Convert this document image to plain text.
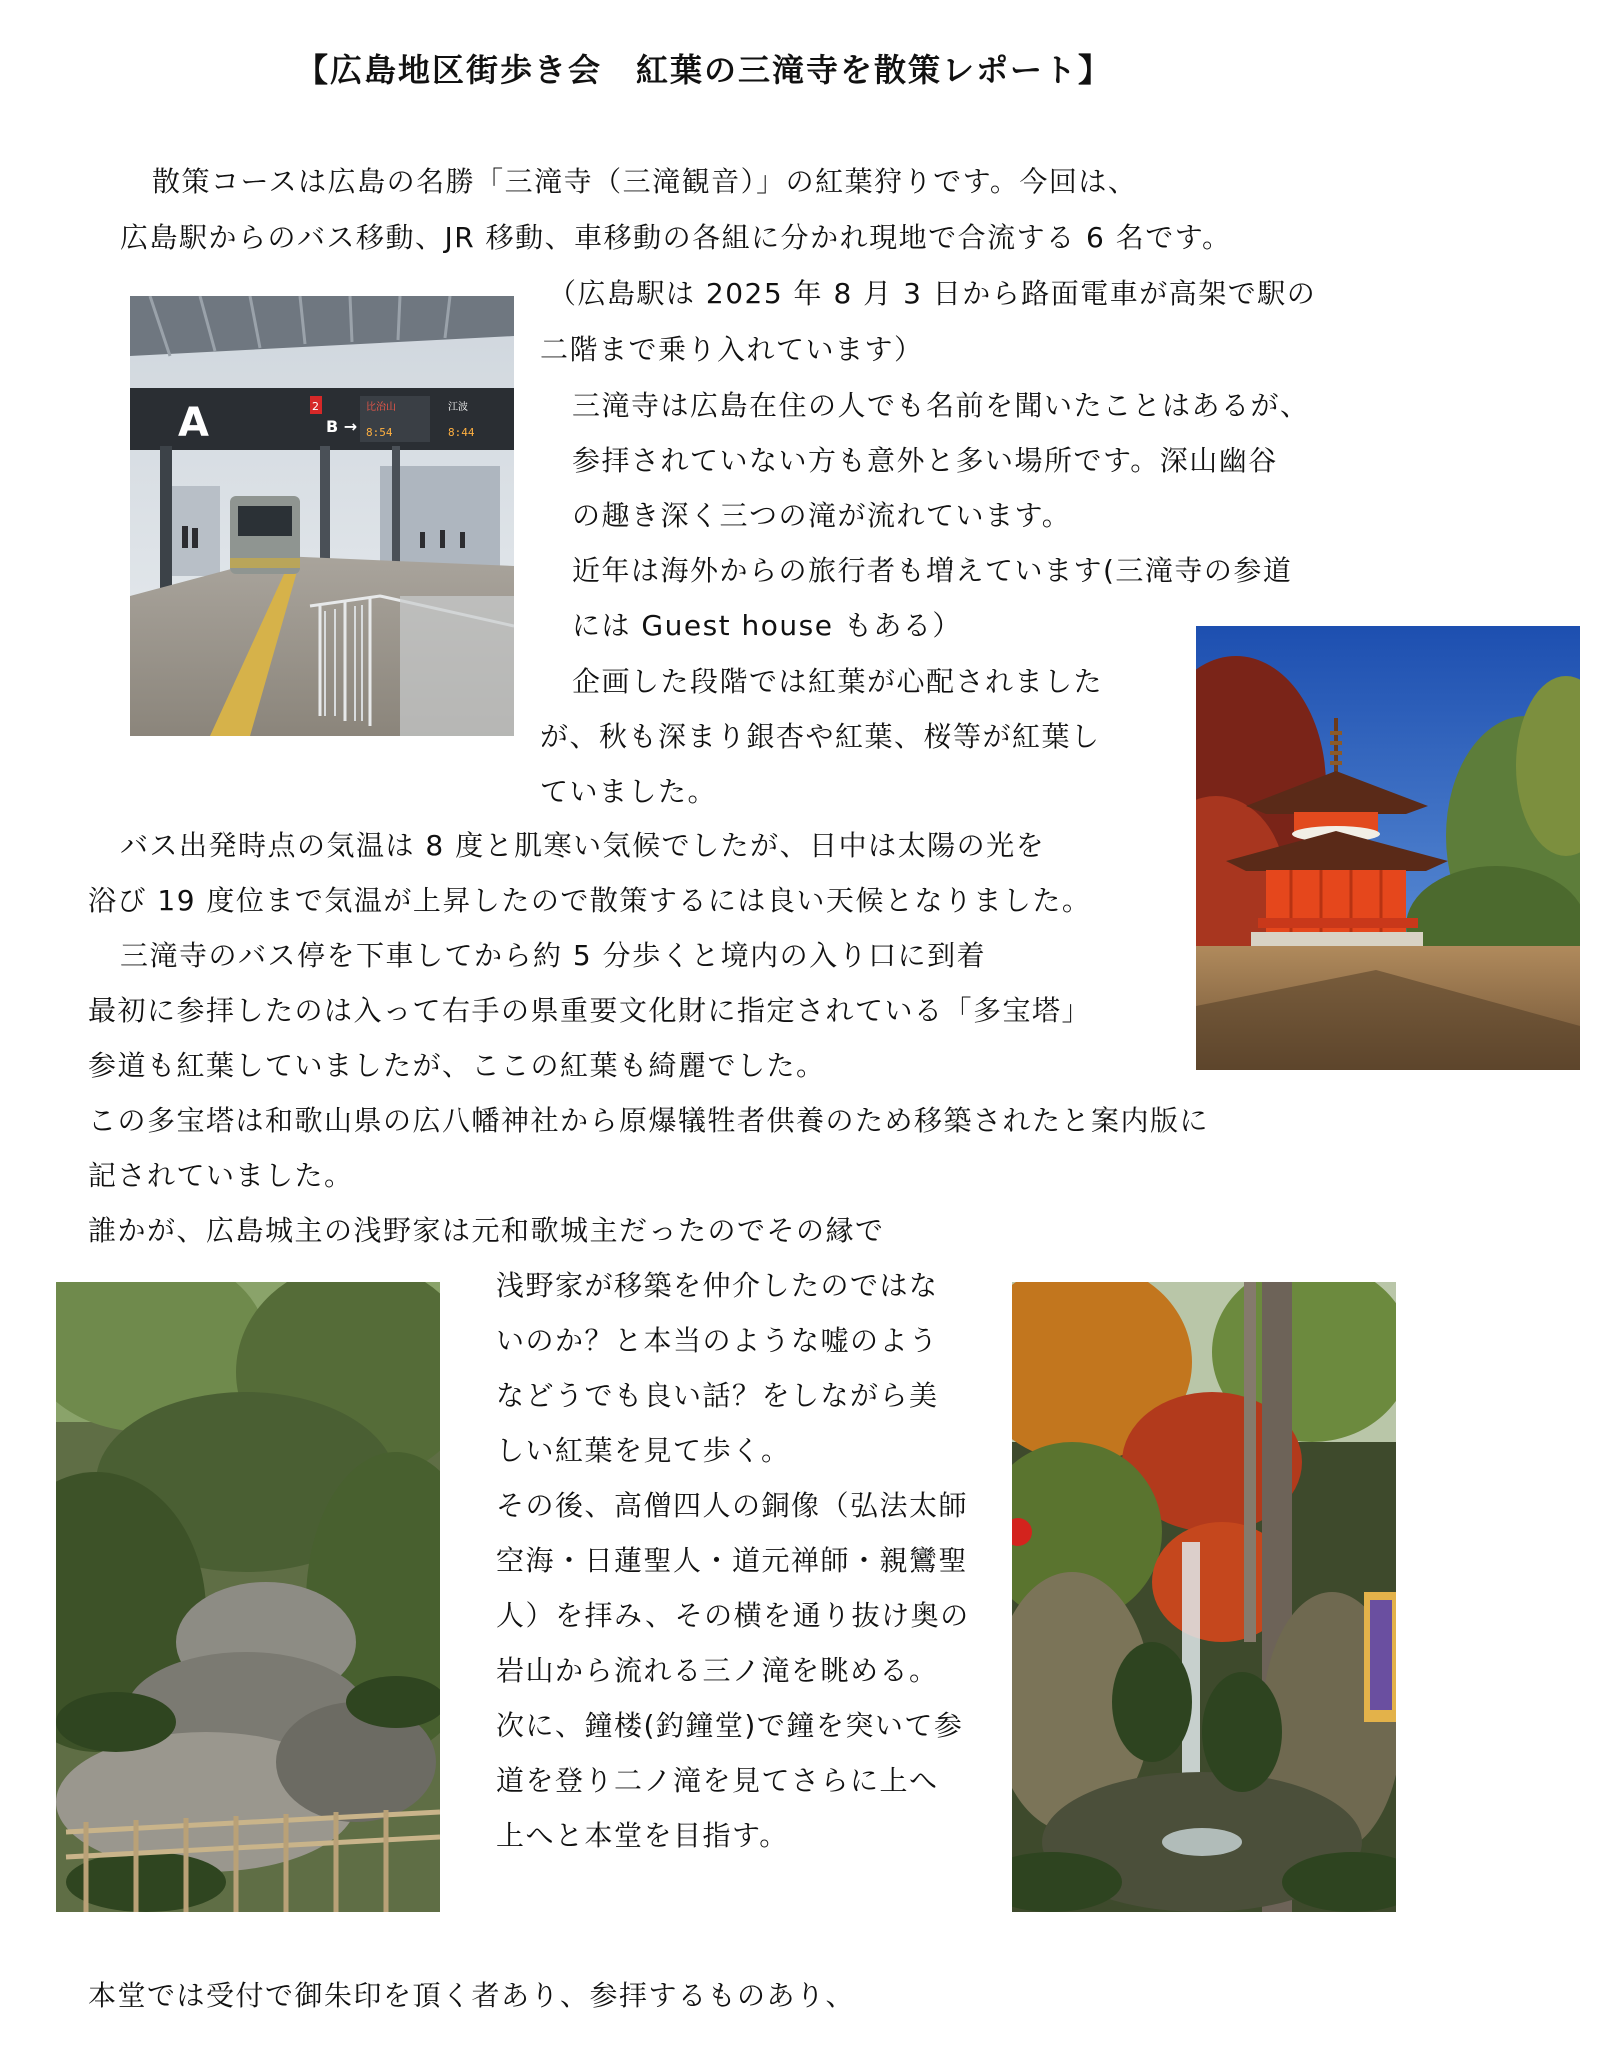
【広島地区街歩き会　紅葉の三滝寺を散策レポート】

散策コースは広島の名勝「三滝寺（三滝観音）」の紅葉狩りです。今回は、

広島駅からのバス移動、JR 移動、車移動の各組に分かれ現地で合流する 6 名です。

（広島駅は 2025 年 8 月 3 日から路面電車が高架で駅の

二階まで乗り入れています）

三滝寺は広島在住の人でも名前を聞いたことはあるが、

参拝されていない方も意外と多い場所です。深山幽谷

の趣き深く三つの滝が流れています。

近年は海外からの旅行者も増えています(三滝寺の参道

には Guest house もある）

企画した段階では紅葉が心配されました

が、秋も深まり銀杏や紅葉、桜等が紅葉し

ていました。

バス出発時点の気温は 8 度と肌寒い気候でしたが、日中は太陽の光を

浴び 19 度位まで気温が上昇したので散策するには良い天候となりました。

三滝寺のバス停を下車してから約 5 分歩くと境内の入り口に到着

最初に参拝したのは入って右手の県重要文化財に指定されている「多宝塔」

参道も紅葉していましたが、ここの紅葉も綺麗でした。

この多宝塔は和歌山県の広八幡神社から原爆犠牲者供養のため移築されたと案内版に

記されていました。

誰かが、広島城主の浅野家は元和歌城主だったのでその縁で

浅野家が移築を仲介したのではな

いのか？と本当のような嘘のよう

などうでも良い話？をしながら美

しい紅葉を見て歩く。

その後、高僧四人の銅像（弘法太師

空海・日蓮聖人・道元禅師・親鸞聖

人）を拝み、その横を通り抜け奥の

岩山から流れる三ノ滝を眺める。

次に、鐘楼(釣鐘堂)で鐘を突いて参

道を登り二ノ滝を見てさらに上へ

上へと本堂を目指す。

本堂では受付で御朱印を頂く者あり、参拝するものあり、

A	2
B →
比治山
8:54
江波
8:44
